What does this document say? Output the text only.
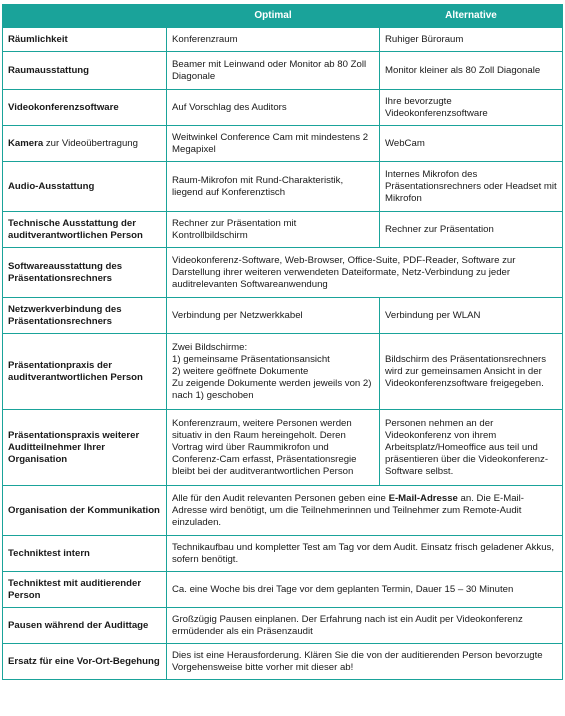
	Optimal	Alternative
Räumlichkeit	Konferenzraum	Ruhiger Büroraum
Raumausstattung	Beamer mit Leinwand oder Monitor ab 80 Zoll Diagonale	Monitor kleiner als 80 Zoll Diagonale
Videokonferenzsoftware	Auf Vorschlag des Auditors	Ihre bevorzugte Videokonferenzsoftware
Kamera zur Videoübertragung	Weitwinkel Conference Cam mit mindestens 2 Megapixel	WebCam
Audio-Ausstattung	Raum-Mikrofon mit Rund-Charakteristik, liegend auf Konferenztisch	Internes Mikrofon des Präsentationsrechners oder Headset mit Mikrofon
Technische Ausstattung der auditverantwortlichen Person	Rechner zur Präsentation mit Kontrollbildschirm	Rechner zur Präsentation
Softwareausstattung des Präsentationsrechners	Videokonferenz-Software, Web-Browser, Office-Suite, PDF-Reader, Software zur Darstellung ihrer weiteren verwendeten Dateiformate, Netz-Verbindung zu jeder auditrelevanten Softwareanwendung	
Netzwerkverbindung des Präsentationsrechners	Verbindung per Netzwerkkabel	Verbindung per WLAN
Präsentationpraxis der auditverantwortlichen Person	Zwei Bildschirme:
1) gemeinsame Präsentationsansicht
2) weitere geöffnete Dokumente
Zu zeigende Dokumente werden jeweils von 2) nach 1) geschoben	Bildschirm des Präsentationsrechners wird zur gemeinsamen Ansicht in der Videokonferenzsoftware freigegeben.
Präsentationspraxis weiterer Auditteilnehmer Ihrer Organisation	Konferenzraum, weitere Personen werden situativ in den Raum hereingeholt. Deren Vortrag wird über Raummikrofon und Conferenz-Cam erfasst, Präsentationsregie bleibt bei der auditverantwortlichen Person	Personen nehmen an der Videokonferenz von ihrem Arbeitsplatz/Homeoffice aus teil und präsentieren über die Videokonferenz-Software selbst.
Organisation der Kommunikation	Alle für den Audit relevanten Personen geben eine E-Mail-Adresse an. Die E-Mail-Adresse wird benötigt, um die Teilnehmerinnen und Teilnehmer zum Remote-Audit einzuladen.	
Techniktest intern	Technikaufbau und kompletter Test am Tag vor dem Audit. Einsatz frisch geladener Akkus, sofern benötigt.	
Techniktest mit auditierender Person	Ca. eine Woche bis drei Tage vor dem geplanten Termin, Dauer 15 – 30 Minuten	
Pausen während der Audittage	Großzügig Pausen einplanen. Der Erfahrung nach ist ein Audit per Videokonferenz ermüdender als ein Präsenzaudit	
Ersatz für eine Vor-Ort-Begehung	Dies ist eine Herausforderung. Klären Sie die von der auditierenden Person bevorzugte Vorgehensweise bitte vorher mit dieser ab!	
